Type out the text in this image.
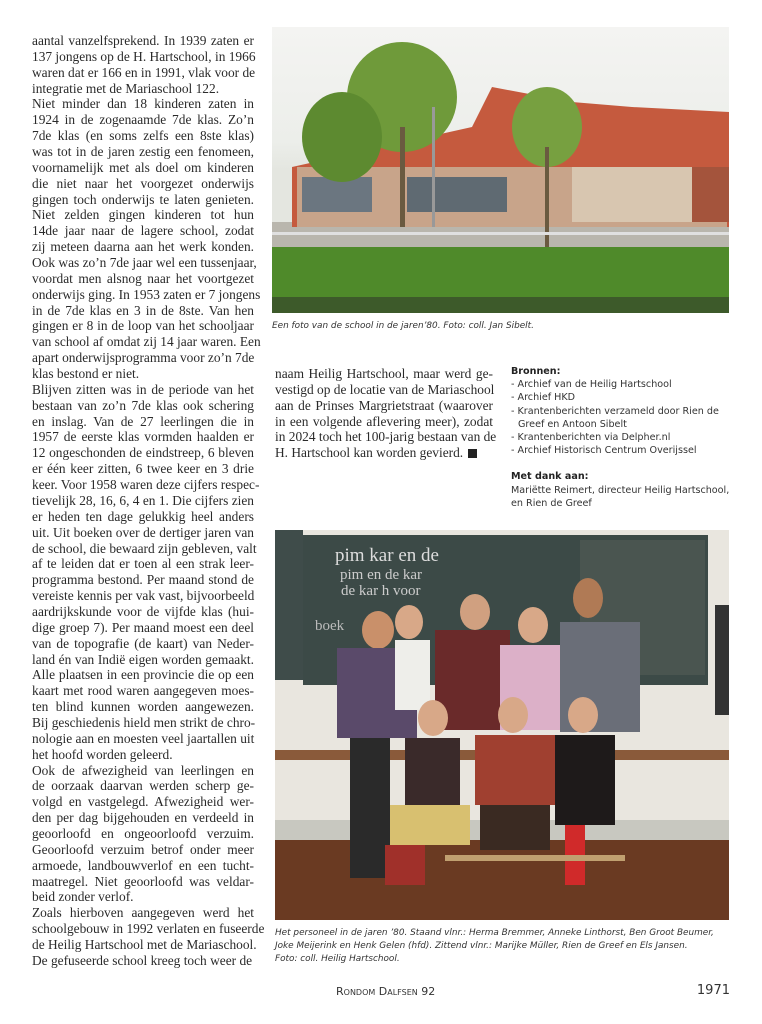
aantal vanzelfsprekend. In 1939 zaten er
137 jongens op de H. Hartschool, in 1966
waren dat er 166 en in 1991, vlak voor de
integratie met de Mariaschool 122.
Niet minder dan 18 kinderen zaten in
1924 in de zogenaamde 7de klas. Zo’n
7de klas (en soms zelfs een 8ste klas)
was tot in de jaren zestig een fenomeen,
voornamelijk met als doel om kinderen
die niet naar het voorgezet onderwijs
gingen toch onderwijs te laten genieten.
Niet zelden gingen kinderen tot hun
14de jaar naar de lagere school, zodat
zij meteen daarna aan het werk konden.
Ook was zo’n 7de jaar wel een tussenjaar,
voordat men alsnog naar het voortgezet
onderwijs ging. In 1953 zaten er 7 jongens
in de 7de klas en 3 in de 8ste. Van hen
gingen er 8 in de loop van het schooljaar
van school af omdat zij 14 jaar waren. Een
apart onderwijsprogramma voor zo’n 7de
klas bestond er niet.
Blijven zitten was in de periode van het
bestaan van zo’n 7de klas ook schering
en inslag. Van de 27 leerlingen die in
1957 de eerste klas vormden haalden er
12 ongeschonden de eindstreep, 6 bleven
er één keer zitten, 6 twee keer en 3 drie
keer. Voor 1958 waren deze cijfers respec-
tievelijk 28, 16, 6, 4 en 1. Die cijfers zien
er heden ten dage gelukkig heel anders
uit. Uit boeken over de dertiger jaren van
de school, die bewaard zijn gebleven, valt
af te leiden dat er toen al een strak leer-
programma bestond. Per maand stond de
vereiste kennis per vak vast, bijvoorbeeld
aardrijkskunde voor de vijfde klas (hui-
dige groep 7). Per maand moest een deel
van de topografie (de kaart) van Neder-
land én van Indië eigen worden gemaakt.
Alle plaatsen in een provincie die op een
kaart met rood waren aangegeven moes-
ten blind kunnen worden aangewezen.
Bij geschiedenis hield men strikt de chro-
nologie aan en moesten veel jaartallen uit
het hoofd worden geleerd.
Ook de afwezigheid van leerlingen en
de oorzaak daarvan werden scherp ge-
volgd en vastgelegd. Afwezigheid wer-
den per dag bijgehouden en verdeeld in
geoorloofd en ongeoorloofd verzuim.
Geoorloofd verzuim betrof onder meer
armoede, landbouwverlof en een tucht-
maatregel. Niet geoorloofd was veldar-
beid zonder verlof.
Zoals hierboven aangegeven werd het
schoolgebouw in 1992 verlaten en fuseerde
de Heilig Hartschool met de Mariaschool.
De gefuseerde school kreeg toch weer de
naam Heilig Hartschool, maar werd ge-
vestigd op de locatie van de Mariaschool
aan de Prinses Margrietstraat (waarover
in een volgende aflevering meer), zodat
in 2024 toch het 100-jarig bestaan van de
H. Hartschool kan worden gevierd.
Bronnen:
- Archief van de Heilig Hartschool
- Archief HKD
- Krantenberichten verzameld door Rien de Greef en Antoon Sibelt
- Krantenberichten via Delpher.nl
- Archief Historisch Centrum Overijssel
Met dank aan:
Mariëtte Reimert, directeur Heilig Hartschool,
en Rien de Greef
Een foto van de school in de jaren’80. Foto: coll. Jan Sibelt.
pim kar en de
pim en de kar
de kar h voor
boek
Het personeel in de jaren ’80. Staand vlnr.: Herma Bremmer, Anneke Linthorst, Ben Groot Beumer,
Joke Meijerink en Henk Gelen (hfd). Zittend vlnr.: Marijke Müller, Rien de Greef en Els Jansen.
Foto: coll. Heilig Hartschool.
Rondom Dalfsen 92	1971
